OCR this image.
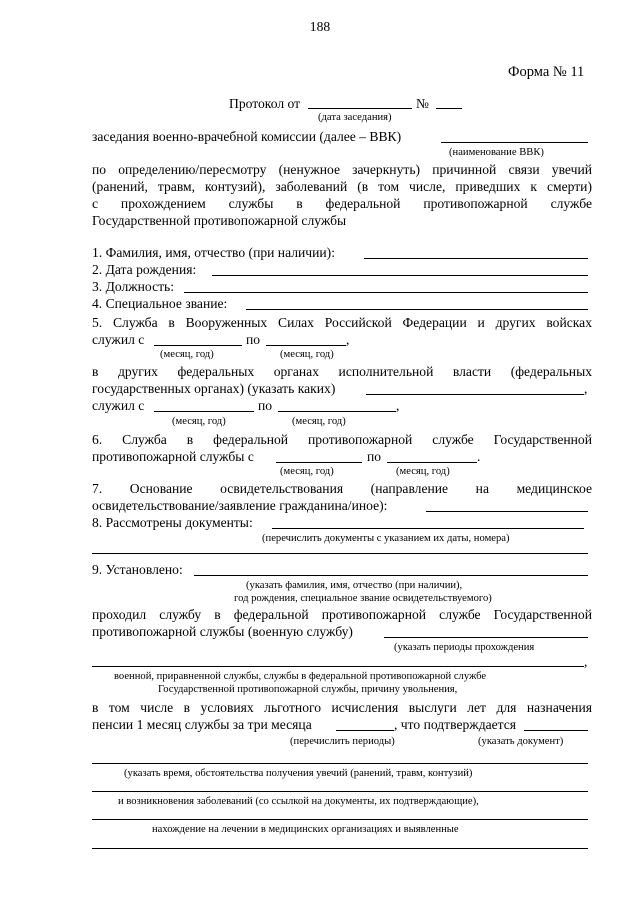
188
Форма № 11
Протокол от	№
(дата заседания)
заседания военно-врачебной комиссии (далее – ВВК)
(наименование ВВК)
по определению/пересмотру (ненужное зачеркнуть) причинной связи увечий
(ранений, травм, контузий), заболеваний (в том числе, приведших к смерти)
с прохождением службы в федеральной противопожарной службе
Государственной противопожарной службы
1. Фамилия, имя, отчество (при наличии):
2. Дата рождения:
3. Должность:
4. Специальное звание:
5. Служба в Вооруженных Силах Российской Федерации и других войсках
служил с	по	,
(месяц, год)	(месяц, год)
в других федеральных органах исполнительной власти (федеральных
государственных органах) (указать каких)	,
служил с	по	,
(месяц, год)	(месяц, год)
6. Служба в федеральной противопожарной службе Государственной
противопожарной службы с	по	.
(месяц, год)	(месяц, год)
7. Основание освидетельствования (направление на медицинское
освидетельствование/заявление гражданина/иное):
8. Рассмотрены документы:
(перечислить документы с указанием их даты, номера)
9. Установлено:
(указать фамилия, имя, отчество (при наличии),
год рождения, специальное звание освидетельствуемого)
проходил службу в федеральной противопожарной службе Государственной
противопожарной службы (военную службу)
(указать периоды прохождения
,
военной, приравненной службы, службы в федеральной противопожарной службе
Государственной противопожарной службы, причину увольнения,
в том числе в условиях льготного исчисления выслуги лет для назначения
пенсии 1 месяц службы за три месяца	, что подтверждается
(перечислить периоды)	(указать документ)
(указать время, обстоятельства получения увечий (ранений, травм, контузий)
и возникновения заболеваний (со ссылкой на документы, их подтверждающие),
нахождение на лечении в медицинских организациях и выявленные
